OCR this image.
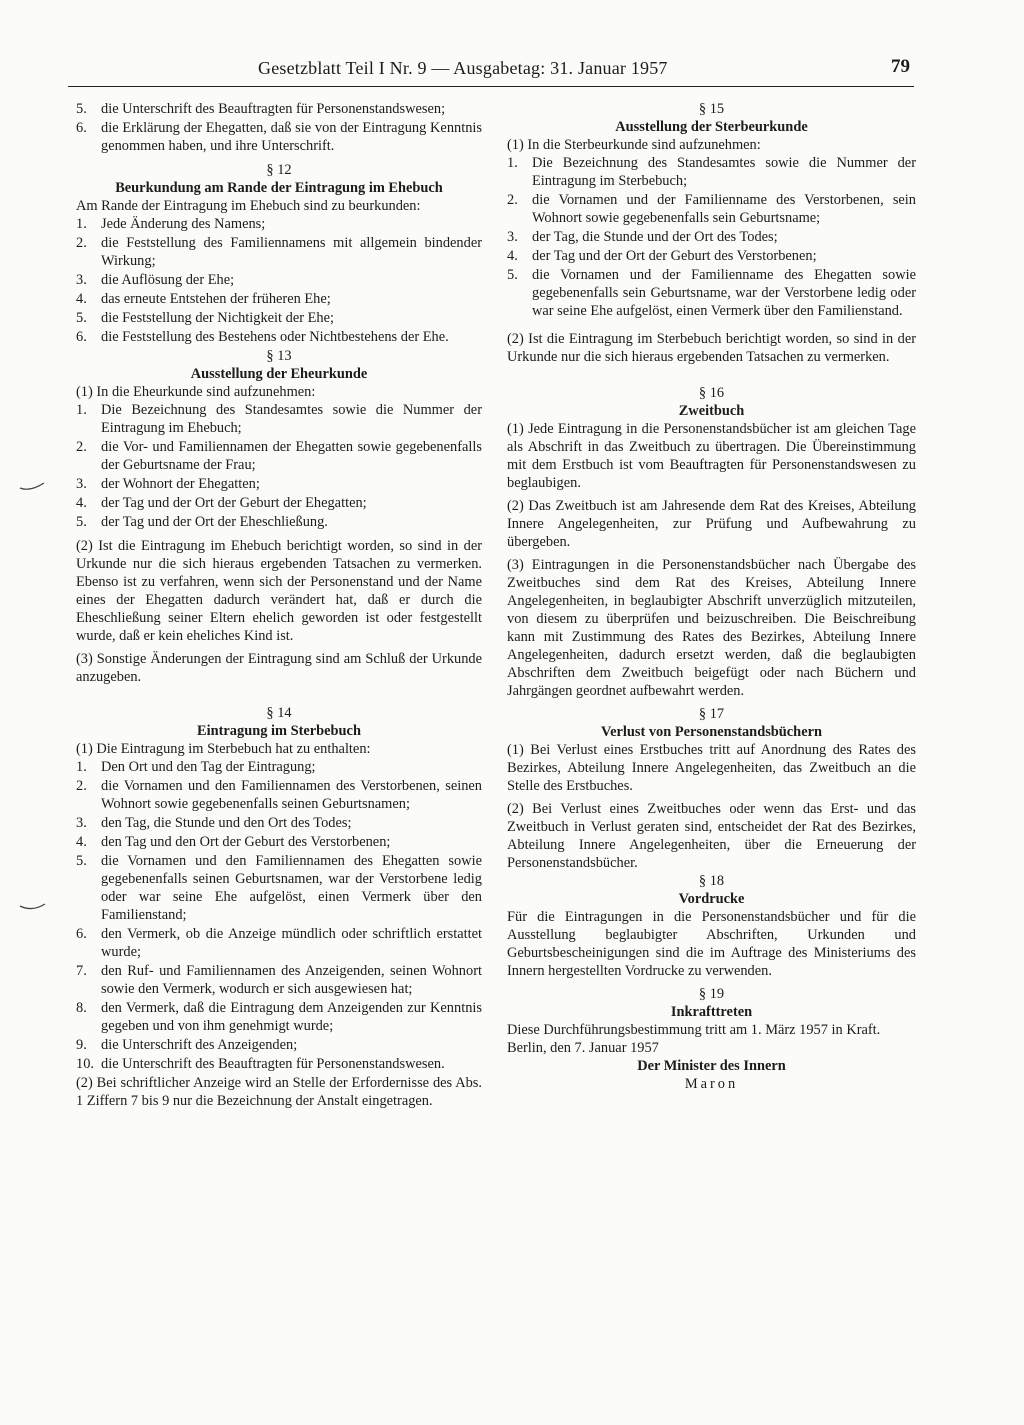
Gesetzblatt Teil I Nr. 9 — Ausgabetag: 31. Januar 1957	79
5. die Unterschrift des Beauftragten für Personenstandswesen;
6. die Erklärung der Ehegatten, daß sie von der Eintragung Kenntnis genommen haben, und ihre Unterschrift.

§ 12

Beurkundung am Rande der Eintragung im Ehebuch

Am Rande der Eintragung im Ehebuch sind zu beurkunden:

1. Jede Änderung des Namens;
2. die Feststellung des Familiennamens mit allgemein bindender Wirkung;
3. die Auflösung der Ehe;
4. das erneute Entstehen der früheren Ehe;
5. die Feststellung der Nichtigkeit der Ehe;
6. die Feststellung des Bestehens oder Nichtbestehens der Ehe.

§ 13

Ausstellung der Eheurkunde

(1) In die Eheurkunde sind aufzunehmen:

1. Die Bezeichnung des Standesamtes sowie die Nummer der Eintragung im Ehebuch;
2. die Vor- und Familiennamen der Ehegatten sowie gegebenenfalls der Geburtsname der Frau;
3. der Wohnort der Ehegatten;
4. der Tag und der Ort der Geburt der Ehegatten;
5. der Tag und der Ort der Eheschließung.

(2) Ist die Eintragung im Ehebuch berichtigt worden, so sind in der Urkunde nur die sich hieraus ergebenden Tatsachen zu vermerken. Ebenso ist zu verfahren, wenn sich der Personenstand und der Name eines der Ehegatten dadurch verändert hat, daß er durch die Eheschließung seiner Eltern ehelich geworden ist oder festgestellt wurde, daß er kein eheliches Kind ist.

(3) Sonstige Änderungen der Eintragung sind am Schluß der Urkunde anzugeben.

§ 14

Eintragung im Sterbebuch

(1) Die Eintragung im Sterbebuch hat zu enthalten:

1. Den Ort und den Tag der Eintragung;
2. die Vornamen und den Familiennamen des Verstorbenen, seinen Wohnort sowie gegebenenfalls seinen Geburtsnamen;
3. den Tag, die Stunde und den Ort des Todes;
4. den Tag und den Ort der Geburt des Verstorbenen;
5. die Vornamen und den Familiennamen des Ehegatten sowie gegebenenfalls seinen Geburtsnamen, war der Verstorbene ledig oder war seine Ehe aufgelöst, einen Vermerk über den Familienstand;
6. den Vermerk, ob die Anzeige mündlich oder schriftlich erstattet wurde;
7. den Ruf- und Familiennamen des Anzeigenden, seinen Wohnort sowie den Vermerk, wodurch er sich ausgewiesen hat;
8. den Vermerk, daß die Eintragung dem Anzeigenden zur Kenntnis gegeben und von ihm genehmigt wurde;
9. die Unterschrift des Anzeigenden;
10. die Unterschrift des Beauftragten für Personenstandswesen.

(2) Bei schriftlicher Anzeige wird an Stelle der Erfordernisse des Abs. 1 Ziffern 7 bis 9 nur die Bezeichnung der Anstalt eingetragen.

§ 15

Ausstellung der Sterbeurkunde

(1) In die Sterbeurkunde sind aufzunehmen:

1. Die Bezeichnung des Standesamtes sowie die Nummer der Eintragung im Sterbebuch;
2. die Vornamen und der Familienname des Verstorbenen, sein Wohnort sowie gegebenenfalls sein Geburtsname;
3. der Tag, die Stunde und der Ort des Todes;
4. der Tag und der Ort der Geburt des Verstorbenen;
5. die Vornamen und der Familienname des Ehegatten sowie gegebenenfalls sein Geburtsname, war der Verstorbene ledig oder war seine Ehe aufgelöst, einen Vermerk über den Familienstand.

(2) Ist die Eintragung im Sterbebuch berichtigt worden, so sind in der Urkunde nur die sich hieraus ergebenden Tatsachen zu vermerken.

§ 16

Zweitbuch

(1) Jede Eintragung in die Personenstandsbücher ist am gleichen Tage als Abschrift in das Zweitbuch zu übertragen. Die Übereinstimmung mit dem Erstbuch ist vom Beauftragten für Personenstandswesen zu beglaubigen.

(2) Das Zweitbuch ist am Jahresende dem Rat des Kreises, Abteilung Innere Angelegenheiten, zur Prüfung und Aufbewahrung zu übergeben.

(3) Eintragungen in die Personenstandsbücher nach Übergabe des Zweitbuches sind dem Rat des Kreises, Abteilung Innere Angelegenheiten, in beglaubigter Abschrift unverzüglich mitzuteilen, von diesem zu überprüfen und beizuschreiben. Die Beischreibung kann mit Zustimmung des Rates des Bezirkes, Abteilung Innere Angelegenheiten, dadurch ersetzt werden, daß die beglaubigten Abschriften dem Zweitbuch beigefügt oder nach Büchern und Jahrgängen geordnet aufbewahrt werden.

§ 17

Verlust von Personenstandsbüchern

(1) Bei Verlust eines Erstbuches tritt auf Anordnung des Rates des Bezirkes, Abteilung Innere Angelegenheiten, das Zweitbuch an die Stelle des Erstbuches.

(2) Bei Verlust eines Zweitbuches oder wenn das Erst- und das Zweitbuch in Verlust geraten sind, entscheidet der Rat des Bezirkes, Abteilung Innere Angelegenheiten, über die Erneuerung der Personenstandsbücher.

§ 18

Vordrucke

Für die Eintragungen in die Personenstandsbücher und für die Ausstellung beglaubigter Abschriften, Urkunden und Geburtsbescheinigungen sind die im Auftrage des Ministeriums des Innern hergestellten Vordrucke zu verwenden.

§ 19

Inkrafttreten

Diese Durchführungsbestimmung tritt am 1. März 1957 in Kraft.

Berlin, den 7. Januar 1957

Der Minister des Innern

Maron
